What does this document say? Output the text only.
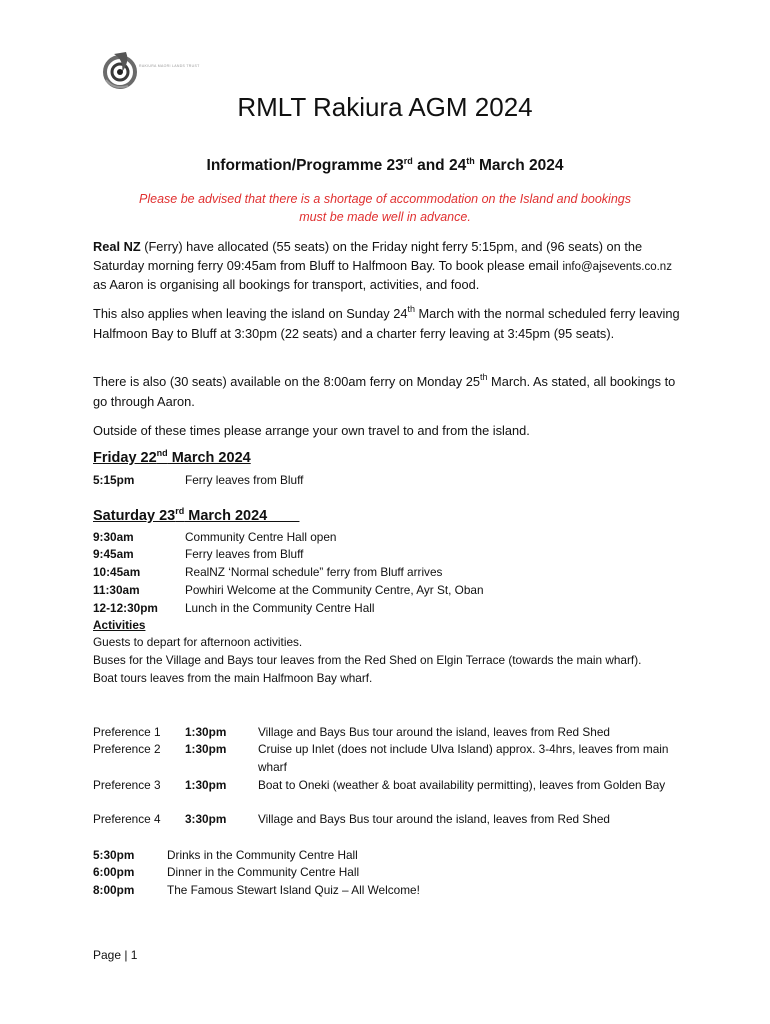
RAKIURA MAORI LANDS TRUST
RMLT Rakiura AGM 2024
Information/Programme 23rd and 24th March 2024
Please be advised that there is a shortage of accommodation on the Island and bookings
must be made well in advance.
Real NZ (Ferry) have allocated (55 seats) on the Friday night ferry 5:15pm, and (96 seats) on the Saturday morning ferry 09:45am from Bluff to Halfmoon Bay. To book please email info@ajsevents.co.nz as Aaron is organising all bookings for transport, activities, and food.
This also applies when leaving the island on Sunday 24th March with the normal scheduled ferry leaving Halfmoon Bay to Bluff at 3:30pm (22 seats) and a charter ferry leaving at 3:45pm (95 seats).
There is also (30 seats) available on the 8:00am ferry on Monday 25th March. As stated, all bookings to go through Aaron.
Outside of these times please arrange your own travel to and from the island.
Friday 22nd March 2024
5:15pm	Ferry leaves from Bluff
Saturday 23rd March 2024
9:30am	Community Centre Hall open
9:45am	Ferry leaves from Bluff
10:45am	RealNZ ‘Normal schedule” ferry from Bluff arrives
11:30am	Powhiri Welcome at the Community Centre, Ayr St, Oban
12-12:30pm Lunch in the Community Centre Hall
Activities
Guests to depart for afternoon activities.
Buses for the Village and Bays tour leaves from the Red Shed on Elgin Terrace (towards the main wharf).
Boat tours leaves from the main Halfmoon Bay wharf.
Preference 1 1:30pm	Village and Bays Bus tour around the island, leaves from Red Shed
Preference 2 1:30pm	Cruise up Inlet (does not include Ulva Island) approx. 3-4hrs, leaves from main wharf
Preference 3 1:30pm	Boat to Oneki (weather & boat availability permitting), leaves from Golden Bay
Preference 4 3:30pm	Village and Bays Bus tour around the island, leaves from Red Shed
5:30pm	Drinks in the Community Centre Hall
6:00pm	Dinner in the Community Centre Hall
8:00pm	The Famous Stewart Island Quiz – All Welcome!
Page | 1
